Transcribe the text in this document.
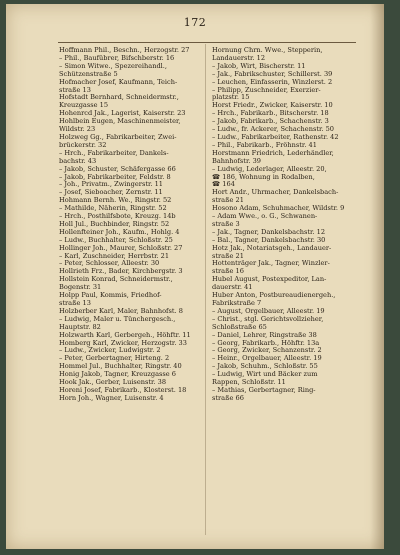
172
Hoffmann Phil., Beschn., Herzogstr. 27
– Phil., Baufübrer, Bifschberstr. 16
– Simon Witwe., Spezereihandl.,
Schützenstraße 5
Hofmacher Josef, Kaufmann, Teich-
straße 13
Hofstadt Bernhard, Schneidermstr.,
Kreuzgasse 15
Hohenrcd Jak., Lagerist, Kaiserstr. 23
Hohlbein Eugen, Maschinenmeister,
Wildstr. 23
Holzweg Gg., Fabrikarbeiter, Zwei-
brückerstr. 32
– Hrch., Fabrikarbeiter, Dankels-
bachstr. 43
– Jakob, Schuster, Schäfergasse 66
– Jakob, Fabrikarbeiter, Feldstr. 8
– Joh., Privatm., Zwingerstr. 11
– Josef, Sieboacher, Zernstr. 11
Hohmann Bernh. We., Ringstr. 52
– Mathilde, Näherin, Ringstr. 52
– Hrch., Posthilfsbote, Kreuzg. 14b
Holl Jul., Buchbinder, Ringstr. 52
Hollenfteiner Joh., Kaufm., Hohlg. 4
– Ludw., Buchhalter, Schloßstr. 25
Hollinger Joh., Maurer, Schloßstr. 27
– Karl, Zuschneider, Herrbstr. 21
– Peter, Schlosser, Alleestr. 30
Hollrieth Frz., Bader, Kirchbergstr. 3
Hollstein Konrad, Schneidermstr.,
Bogenstr. 31
Holpp Paul, Kommis, Friedhof-
straße 13
Holzberber Karl, Maler, Bahnhofst. 8
– Ludwig, Maler u. Tünchergesch.,
Hauptstr. 82
Holzwarth Karl, Gerbergeh., Höhftr. 11
Homberg Karl, Zwicker, Herzogstr. 33
– Ludw., Zwicker, Ludwigstr. 2
– Peter, Gerbertagner, Hirteng. 2
Hommel Jul., Buchhalter, Ringstr. 40
Honig Jakob, Tagner, Kreuzgasse 6
Hook Jak., Gerber, Luisenstr. 38
Horeni Josef, Fabrikarb., Klosterst. 18
Horn Joh., Wagner, Luisenstr. 4
Hornung Chrn. Wwe., Stepperin,
Landauerstr. 12
– Jakob, Wirt, Bischerstr. 11
– Jak., Fabrikschuster, Schillerst. 39
– Leuchen, Einfasserin, Winzlerst. 2
– Philipp, Zuschneider, Exerzier-
platzstr. 15
Horst Friedr., Zwicker, Kaiserstr. 10
– Hrch., Fabrikarb., Bitscherstr. 18
– Jakob, Fabrikarb., Schachenstr. 3
– Ludw., fr. Ackerer, Schachenstr. 50
– Ludw., Fabrikarbeiter, Rathenstr. 42
– Phil., Fabrikarb., Fröhnstr. 41
Horstmann Friedrich, Lederhändler,
Bahnhofstr. 39
– Ludwig, Lederlager, Alleestr. 20,
☎ 186, Wohnung in Rodalben,
☎ 164
Hort Andr., Uhrmacher, Dankelsbach-
straße 21
Hosono Adam, Schuhmacher, Wildstr. 9
– Adam Wwe., o. G., Schwanen-
straße 3
– Jak., Tagner, Dankelsbachstr. 12
– Bal., Tagner, Dankelsbachstr. 30
Hotz Jak., Notariatsgeh., Landauer-
straße 21
Hottenträger Jak., Tagner, Winzler-
straße 16
Hubel August, Postexpeditor, Lan-
dauerstr. 41
Huber Anton, Postbureaudienergeh.,
Fabrikstraße 7
– August, Orgelbauer, Alleestr. 19
– Christ., stgl. Gerichtsvollzieher,
Schloßstraße 65
– Daniel, Lehrer, Ringstraße 38
– Georg, Fabrikarb., Höhftr. 13a
– Georg, Zwicker, Schanzenstr. 2
– Heinr., Orgelbauer, Alleestr. 19
– Jakob, Schuhm., Schloßstr. 55
– Ludwig, Wirt und Bäcker zum
Rappen, Schloßstr. 11
– Mathias, Gerbertagner, Ring-
straße 66
